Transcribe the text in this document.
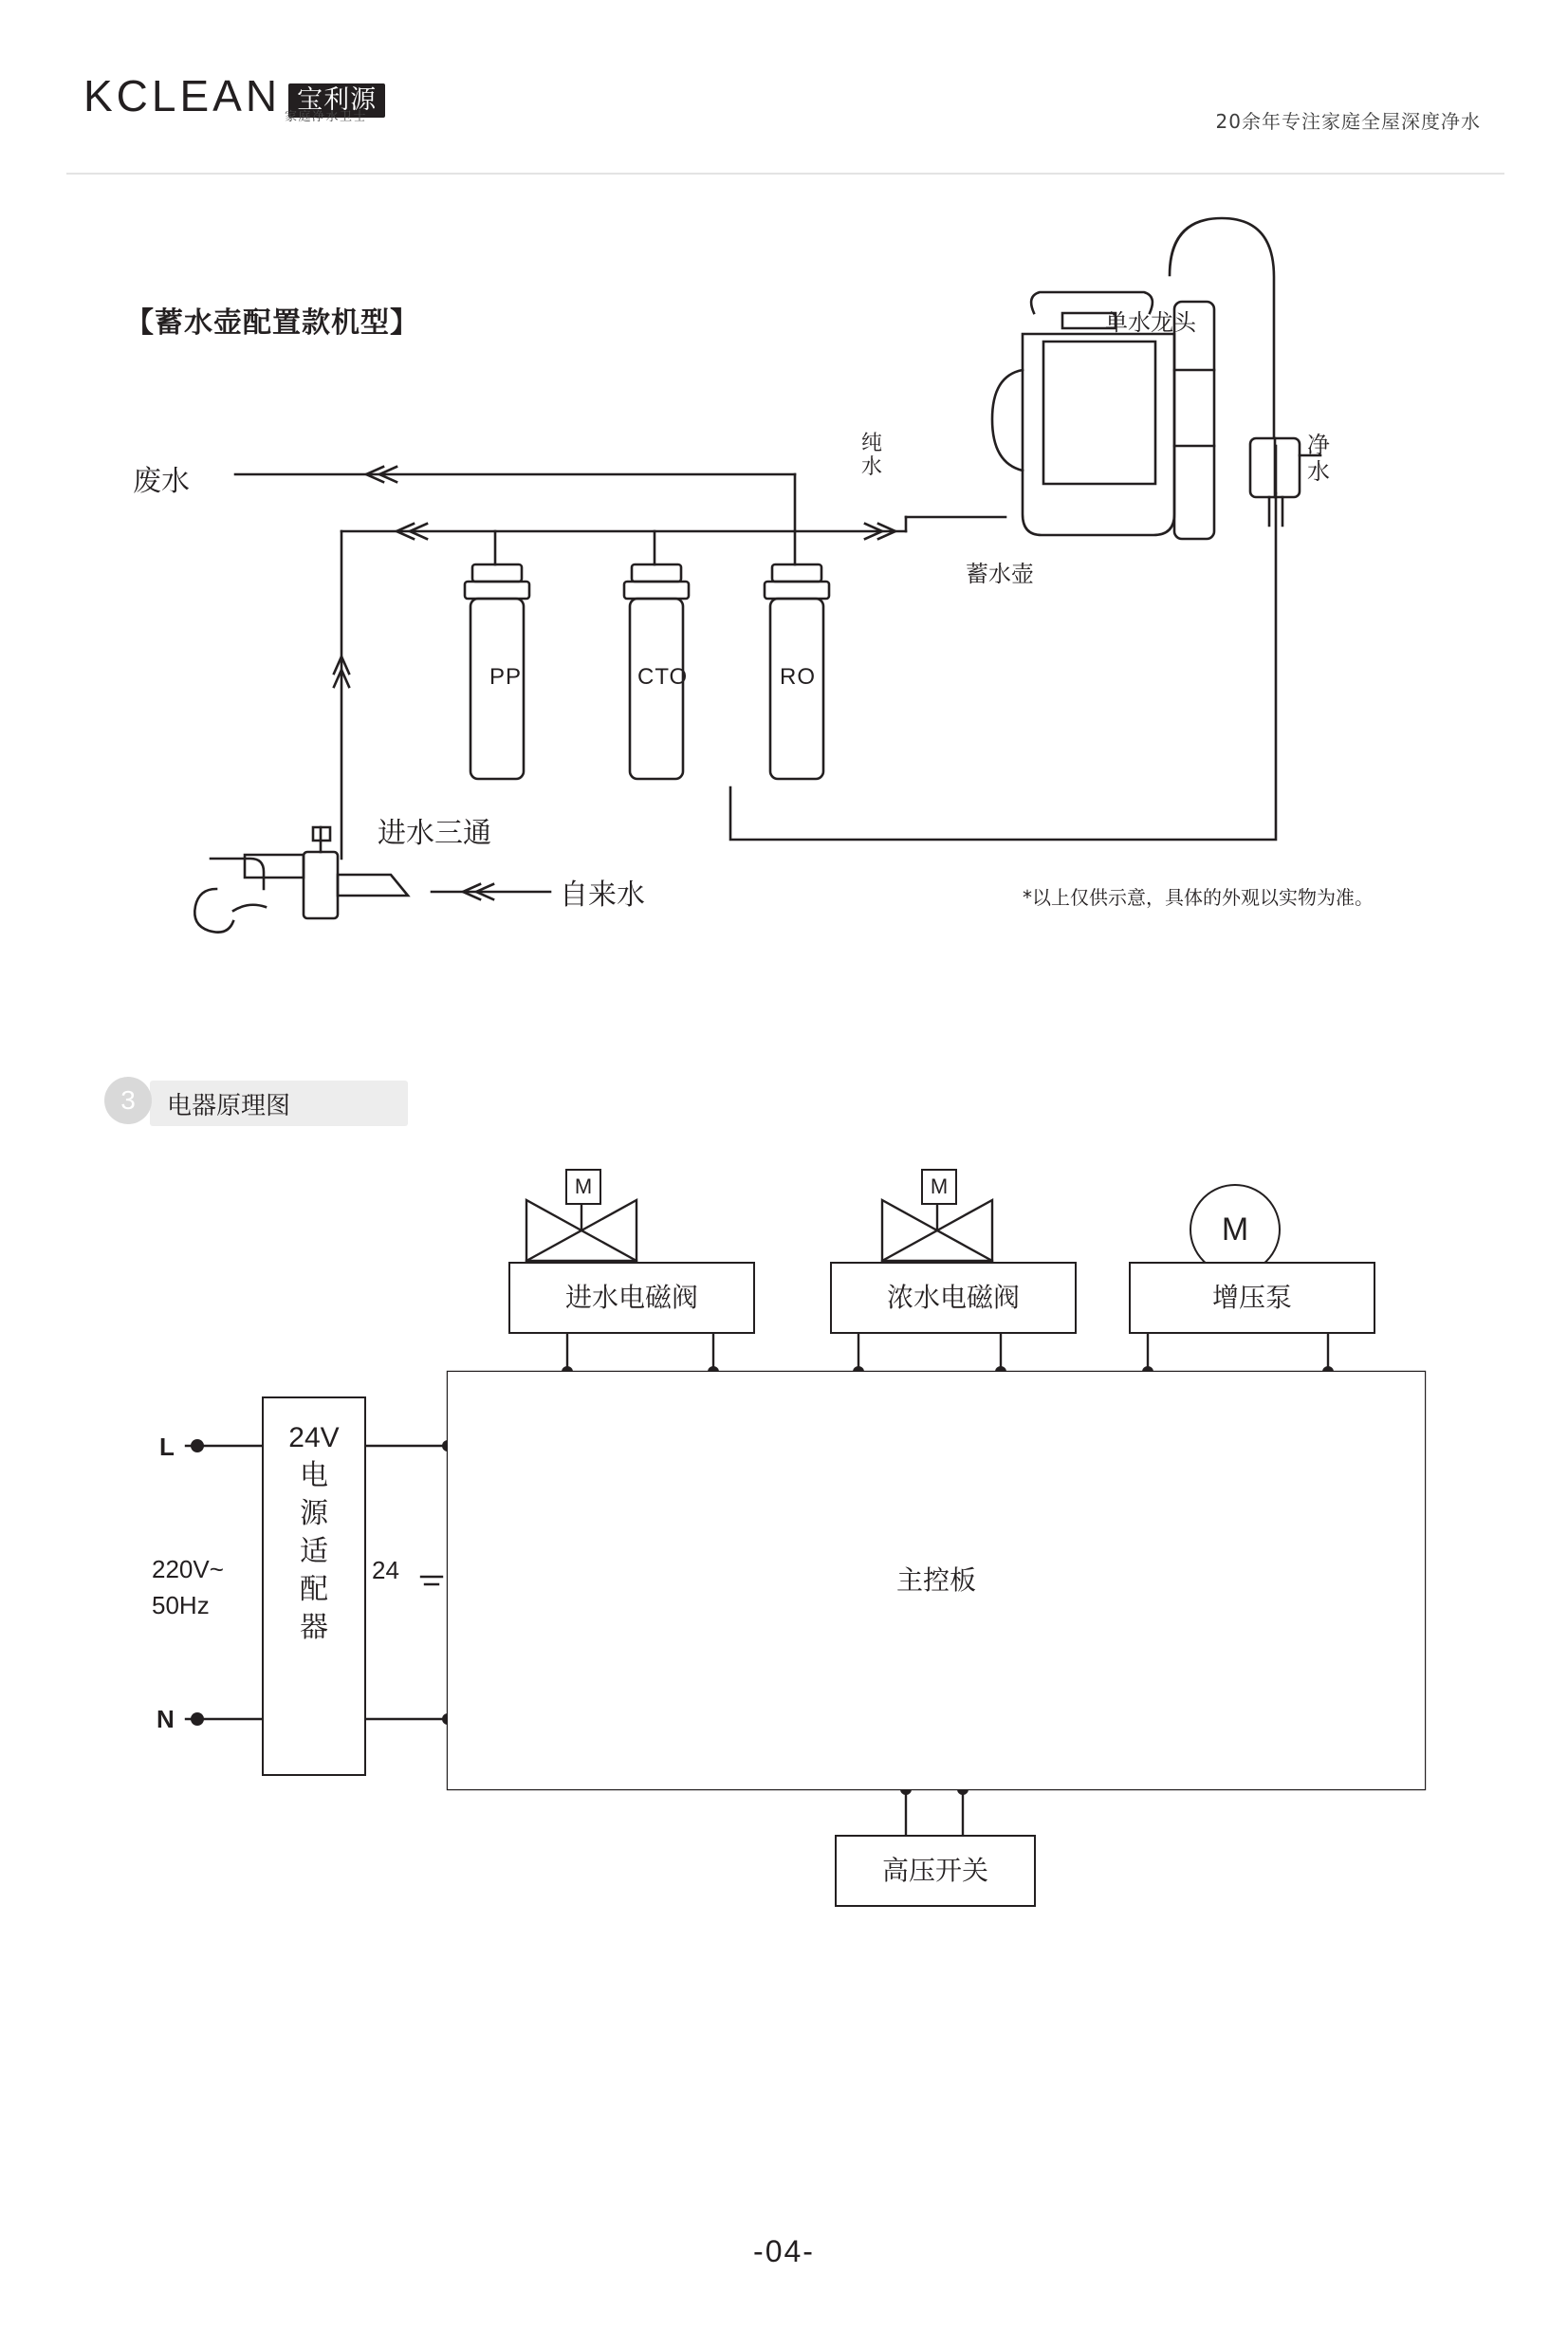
KCLEAN 宝利源
家庭净水卫士	20余年专注家庭全屋深度净水
【蓄水壶配置款机型】
废水
自来水
进水三通
纯水
蓄水壶
单水龙头
净水
PP	CTO	RO
*以上仅供示意，具体的外观以实物为准。
3	电器原理图
M	M
M
进水电磁阀	浓水电磁阀	增压泵
主控板
高压开关
24V
电
源
适
配
器
L
N
220V~
50Hz
24
-04-
